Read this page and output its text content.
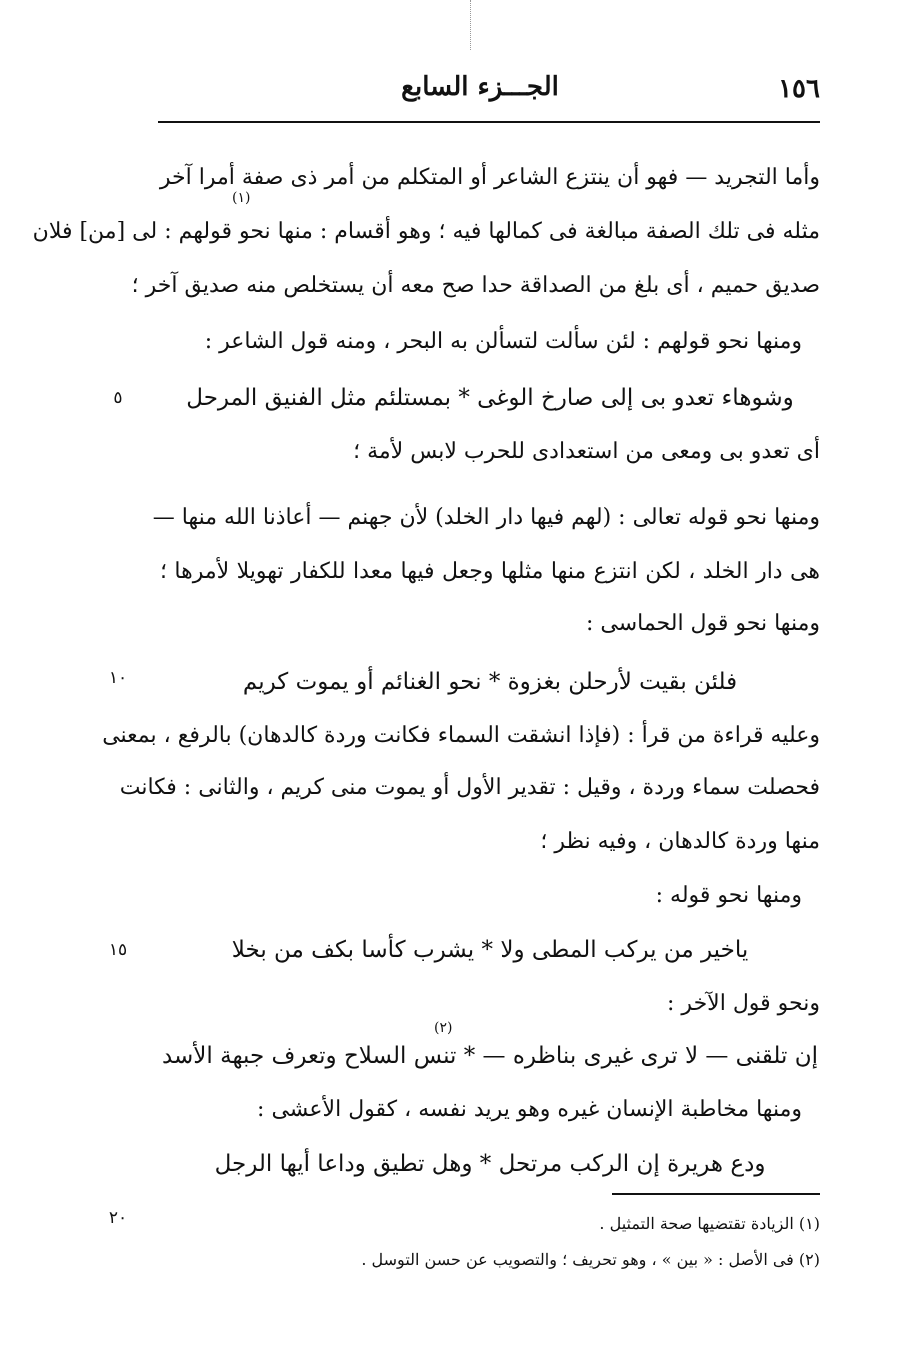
الجـــزء السابع	١٥٦
وأما التجريد — فهو أن ينتزع الشاعر أو المتكلم من أمر ذى صفة أمرا آخر
(١)
مثله فى تلك الصفة مبالغة فى كمالها فيه ؛ وهو أقسام : منها نحو قولهم : لى [من] فلان
صديق حميم ، أى بلغ من الصداقة حدا صح معه أن يستخلص منه صديق آخر ؛
ومنها نحو قولهم : لئن سألت لتسألن به البحر ، ومنه قول الشاعر :
وشوهاء تعدو بى إلى صارخ الوغى * بمستلئم مثل الفنيق المرحل
٥
أى تعدو بى ومعى من استعدادى للحرب لابس لأمة ؛
ومنها نحو قوله تعالى : (لهم فيها دار الخلد) لأن جهنم — أعاذنا الله منها —
هى دار الخلد ، لكن انتزع منها مثلها وجعل فيها معدا للكفار تهويلا لأمرها ؛
ومنها نحو قول الحماسى :
فلئن بقيت لأرحلن بغزوة * نحو الغنائم أو يموت كريم
١٠
وعليه قراءة من قرأ : (فإذا انشقت السماء فكانت وردة كالدهان) بالرفع ، بمعنى
فحصلت سماء وردة ، وقيل : تقدير الأول أو يموت منى كريم ، والثانى : فكانت
منها وردة كالدهان ، وفيه نظر ؛
ومنها نحو قوله :
ياخير من يركب المطى ولا * يشرب كأسا بكف من بخلا
١٥
ونحو قول الآخر :
(٢)
إن تلقنى — لا ترى غيرى بناظره — * تنس السلاح وتعرف جبهة الأسد
ومنها مخاطبة الإنسان غيره وهو يريد نفسه ، كقول الأعشى :
ودع هريرة إن الركب مرتحل * وهل تطيق وداعا أيها الرجل
٢٠	(١) الزيادة تقتضيها صحة التمثيل .
(٢) فى الأصل : « بين » ، وهو تحريف ؛ والتصويب عن حسن التوسل .
